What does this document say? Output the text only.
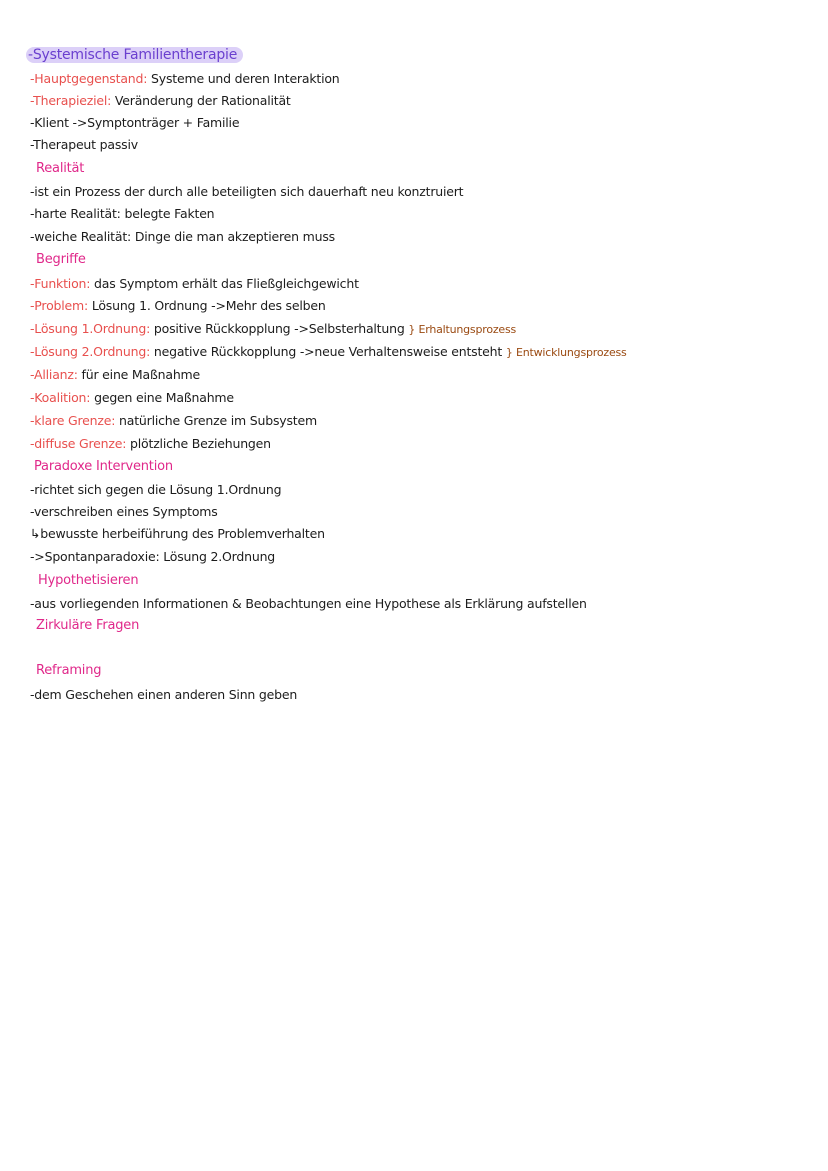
-Systemische Familientherapie
-Hauptgegenstand: Systeme und deren Interaktion
-Therapieziel: Veränderung der Rationalität
-Klient ->Symptonträger + Familie
-Therapeut passiv
Realität
-ist ein Prozess der durch alle beteiligten sich dauerhaft neu konztruiert
-harte Realität: belegte Fakten
-weiche Realität: Dinge die man akzeptieren muss
Begriffe
-Funktion: das Symptom erhält das Fließgleichgewicht
-Problem: Lösung 1. Ordnung ->Mehr des selben
-Lösung 1.Ordnung: positive Rückkopplung ->Selbsterhaltung } Erhaltungsprozess
-Lösung 2.Ordnung: negative Rückkopplung ->neue Verhaltensweise entsteht } Entwicklungsprozess
-Allianz: für eine Maßnahme
-Koalition: gegen eine Maßnahme
-klare Grenze: natürliche Grenze im Subsystem
-diffuse Grenze: plötzliche Beziehungen
Paradoxe Intervention
-richtet sich gegen die Lösung 1.Ordnung
-verschreiben eines Symptoms
↳bewusste herbeiführung des Problemverhalten
->Spontanparadoxie: Lösung 2.Ordnung
Hypothetisieren
-aus vorliegenden Informationen & Beobachtungen eine Hypothese als Erklärung aufstellen
Zirkuläre Fragen
Reframing
-dem Geschehen einen anderen Sinn geben
